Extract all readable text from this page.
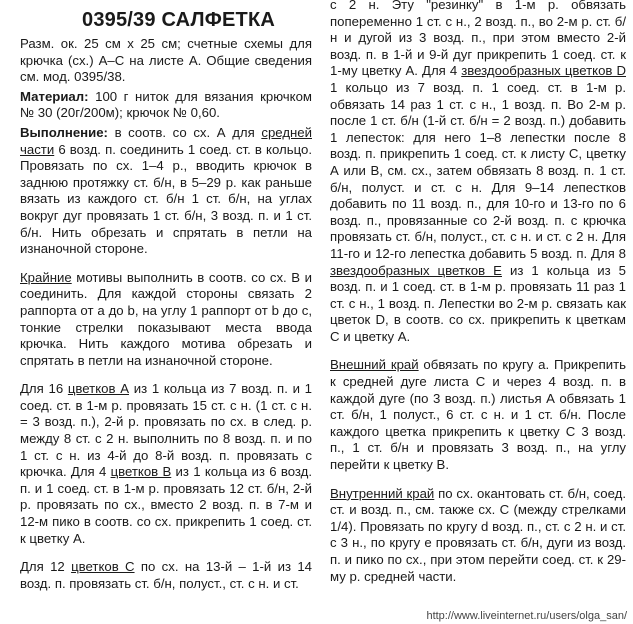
0395/39 САЛФЕТКА

Разм. ок. 25 см х 25 см; счетные схемы для крючка (сх.) А–С на листе А. Общие сведения см. мод. 0395/38.

Материал: 100 г ниток для вязания крючком № 30 (20г/200м); крючок № 0,60.

Выполнение: в соотв. со сх. А для средней части 6 возд. п. соединить 1 соед. ст. в кольцо. Провязать по сх. 1–4 р., вводить крючок в заднюю протяжку ст. б/н, в 5–29 р. как раньше вязать из каждого ст. б/н 1 ст. б/н, на углах вокруг дуг провязать 1 ст. б/н, 3 возд. п. и 1 ст. б/н. Нить обрезать и спрятать в петли на изнаночной стороне.

Крайние мотивы выполнить в соотв. со сх. В и соединить. Для каждой стороны связать 2 раппорта от а до b, на углу 1 раппорт от b до c, тонкие стрелки показывают места ввода крючка. Нить каждого мотива обрезать и спрятать в петли на изнаночной стороне.

Для 16 цветков А из 1 кольца из 7 возд. п. и 1 соед. ст. в 1-м р. провязать 15 ст. с н. (1 ст. с н. = 3 возд. п.), 2-й р. провязать по сх. в след. р. между 8 ст. с 2 н. выполнить по 8 возд. п. и по 1 ст. с н. из 4-й до 8-й возд. п. провязать с крючка. Для 4 цветков В из 1 кольца из 6 возд. п. и 1 соед. ст. в 1-м р. провязать 12 ст. б/н, 2-й р. провязать по сх., вместо 2 возд. п. в 7-м и 12-м пико в соотв. со сх. прикрепить 1 соед. ст. к цветку А.

Для 12 цветков С по сх. на 13-й – 1-й из 14 возд. п. провязать ст. б/н, полуст., ст. с н. и ст.

с 2 н. Эту "резинку" в 1-м р. обвязать попеременно 1 ст. с н., 2 возд. п., во 2-м р. ст. б/н и дугой из 3 возд. п., при этом вместо 2-й возд. п. в 1-й и 9-й дуг прикрепить 1 соед. ст. к 1-му цветку А. Для 4 звездообразных цветков D 1 кольцо из 7 возд. п. 1 соед. ст. в 1-м р. обвязать 14 раз 1 ст. с н., 1 возд. п. Во 2-м р. после 1 ст. б/н (1-й ст. б/н = 2 возд. п.) добавить 1 лепесток: для него 1–8 лепестки после 8 возд. п. прикрепить 1 соед. ст. к листу С, цветку А или В, см. сх., затем обвязать 8 возд. п. 1 ст. б/н, полуст. и ст. с н. Для 9–14 лепестков добавить по 11 возд. п., для 10-го и 13-го по 6 возд. п., провязанные со 2-й возд. п. с крючка провязать ст. б/н, полуст., ст. с н. и ст. с 2 н. Для 11-го и 12-го лепестка добавить 5 возд. п. Для 8 звездообразных цветков Е из 1 кольца из 5 возд. п. и 1 соед. ст. в 1-м р. провязать 11 раз 1 ст. с н., 1 возд. п. Лепестки во 2-м р. связать как цветок D, в соотв. со сх. прикрепить к цветкам С и цветку А.

Внешний край обвязать по кругу а. Прикрепить к средней дуге листа С и через 4 возд. п. в каждой дуге (по 3 возд. п.) листья А обвязать 1 ст. б/н, 1 полуст., 6 ст. с н. и 1 ст. б/н. После каждого цветка прикрепить к цветку С 3 возд. п., 1 ст. б/н и провязать 3 возд. п., на углу перейти к цветку В.

Внутренний край по сх. окантовать ст. б/н, соед. ст. и возд. п., см. также сх. С (между стрелками 1/4). Провязать по кругу d возд. п., ст. с 2 н. и ст. с 3 н., по кругу е провязать ст. б/н, дуги из возд. п. и пико по сх., при этом перейти соед. ст. к 29-му р. средней части.

http://www.liveinternet.ru/users/olga_san/
